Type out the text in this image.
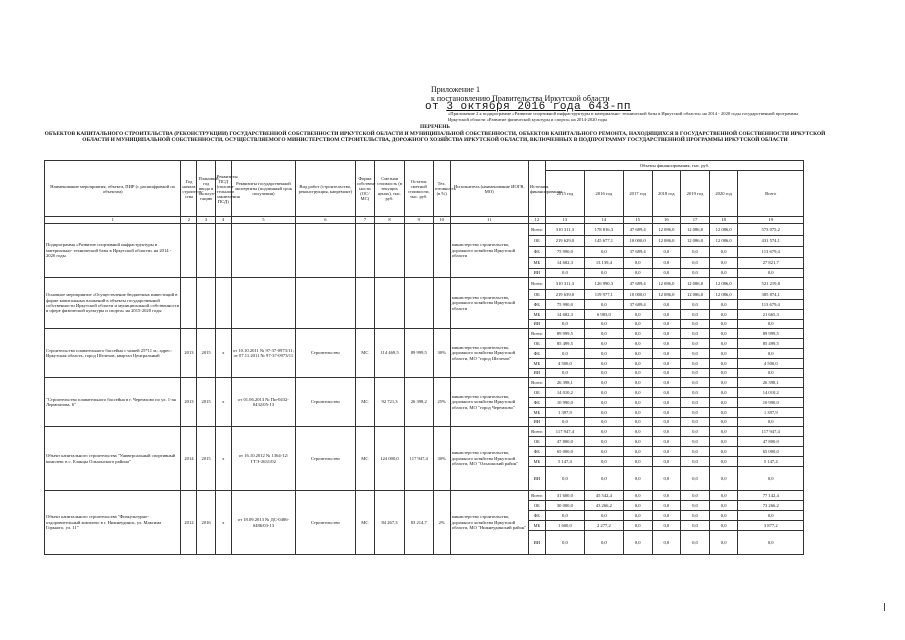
Приложение 1
к постановлению Правительства Иркутской области
от 3 октября 2016 года 643-пп
«Приложение 2 к подпрограмме «Развитие спортивной инфраструктуры и материально- технической базы в Иркутской области» на 2014 - 2020 годы государственной программы Иркутской области «Развитие физической культуры и спорта» на 2014-2020 годы
ПЕРЕЧЕНЬ
ОБЪЕКТОВ КАПИТАЛЬНОГО СТРОИТЕЛЬСТВА (РЕКОНСТРУКЦИИ) ГОСУДАРСТВЕННОЙ СОБСТВЕННОСТИ ИРКУТСКОЙ ОБЛАСТИ И МУНИЦИПАЛЬНОЙ СОБСТВЕННОСТИ, ОБЪЕКТОВ КАПИТАЛЬНОГО РЕМОНТА, НАХОДЯЩИХСЯ В ГОСУДАРСТВЕННОЙ СОБСТВЕННОСТИ ИРКУТСКОЙ ОБЛАСТИ И МУНИЦИПАЛЬНОЙ СОБСТВЕННОСТИ, ОСУЩЕСТВЛЯЕМОГО МИНИСТЕРСТВОМ СТРОИТЕЛЬСТВА, ДОРОЖНОГО ХОЗЯЙСТВА ИРКУТСКОЙ ОБЛАСТИ, ВКЛЮЧЕННЫХ В ПОДПРОГРАММУ ГОСУДАРСТВЕННОЙ ПРОГРАММЫ ИРКУТСКОЙ ОБЛАСТИ
Наименование мероприятия, объекта, ПИР (с расшифровкой по объектам)	Год начала строитель-ства	Плановый год ввода в эксплуа-тацию	Реквизиты ПСД (положи-тельного заключения ПСД)	Реквизиты государственной экспертизы (подлинный срок получения)	Вид работ (строительство, реконструкция, капремонт)	Форма собствен-ности (ОС/МС)	Сметная стоимость (в текущих ценах), тыс. руб.	Остаток сметной стоимости, тыс. руб.	Тех. готовность (в %)	Исполнитель (наименование ИОГВ, МО)	Источник финансирования	Объемы финансирования, тыс. руб.						
												2015 год	2016 год	2017 год	2018 год	2019 год	2020 год	Всего
1	2	3	4	5	6	7	8	9	10	11	12	13	14	15	16	17	18	19
Подпрограмма «Развитие спортивной инфраструктуры и материально- технической базы в Иркутской области» на 2014 - 2020 годы										министерство строительства, дорожного хозяйства Иркутской области	Всего	310 311,3	178 816,3	47 689,4	12 086,0	12 086,0	12 086,0	573 075,2
											ОБ	219 629,0	145 677,1	10 000,0	12 086,0	12 086,0	12 086,0	431 574,1
											ФБ	75 990,0	0,0	37 689,4	0,0	0,0	0,0	113 679,4
											МБ	14 682,3	13 139,4	0,0	0,0	0,0	0,0	27 821,7
											ИИ	0,0	0,0	0,0	0,0	0,0	0,0	0,0
Основное мероприятие «Осуществление бюджетных инвестиций в форме капитальных вложений в объекты государственной собственности Иркутской области и муниципальной собственности в сфере физической культуры и спорта» на 2015-2020 годы										министерство строительства, дорожного хозяйства Иркутской области	Всего	310 311,3	126 990,3	47 689,4	12 086,0	12 086,0	12 086,0	521 219,8
											ОБ	219 639,0	119 977,1	10 000,0	12 086,0	12 086,0	12 086,0	385 874,1
											ФБ	75 990,0	0,0	37 689,4	0,0	0,0	0,0	113 679,4
											МБ	14 682,3	6 983,0	0,0	0,0	0,0	0,0	21 665,3
											ИИ	0,0	0,0	0,0	0,0	0,0	0,0	0,0
Строительство плавательного бассейна с чашей 25*11 м., адрес: Иркутская область, город Шелехов, квартал Центральный	2013	2015	х	от 10.10.2011 № 97-37-0973/11; от 07.11.2011 № 97-37-0973/11	Строительство	МС	114 469,5	89 999,5	30%	министерство строительства, дорожного хозяйства Иркутской области, МО "город Шелехов"	Всего	89 999,5	0,0	0,0	0,0	0,0	0,0	89 999,5
											ОБ	85 499,5	0,0	0,0	0,0	0,0	0,0	85 499,5
											ФБ	0,0	0,0	0,0	0,0	0,0	0,0	0,0
											МБ	4 500,0	0,0	0,0	0,0	0,0	0,0	4 500,0
											ИИ	0,0	0,0	0,0	0,0	0,0	0,0	0,0
"Строительство плавательного бассейна в г. Черемхово по ул. 1-ая Лермонтова, 6"	2013	2015	х	от 01.06.2013 № Пи-0432-0432/05-13	Строительство	МС	92 721,3	26 398,2	25%	министерство строительства, дорожного хозяйства Иркутской области, МО "город Черемхово"	Всего	26 398,1	0,0	0,0	0,0	0,0	0,0	26 398,1
											ОБ	14 010,2	0,0	0,0	0,0	0,0	0,0	14 010,2
											ФБ	10 990,0	0,0	0,0	0,0	0,0	0,0	10 990,0
											МБ	1 397,9	0,0	0,0	0,0	0,0	0,0	1 397,9
											ИИ	0,0	0,0	0,0	0,0	0,0	0,0	0,0
Объект капитального строительства "Универсальный спортивный комплекс в с. Еланцы Ольхонского района"	2014	2015	х	от 16.10.2012 № 1364-12/ГГЭ-2631/02	Строительство	МС	124 000,0	117 947,4	30%	министерство строительства, дорожного хозяйства Иркутской области, МО "Ольхонский район"	Всего	117 947,4	0,0	0,0	0,0	0,0	0,0	117 947,4
											ОБ	47 800,0	0,0	0,0	0,0	0,0	0,0	47 800,0
											ФБ	65 000,0	0,0	0,0	0,0	0,0	0,0	65 000,0
											МБ	5 147,4	0,0	0,0	0,0	0,0	0,0	5 147,4
											ИИ	0,0	0,0	0,0	0,0	0,0	0,0	0,0
Объект капитального строительства "Физкультурно-оздоровительный комплекс в г. Нижнеудинск, ул. Максима Горького, ул. 11"	2012	2016	х	от 18.09.2013 № ДС-0486-0486/03-13	Строительство	МС	84 267,3	83 214,7	2%	министерство строительства, дорожного хозяйства Иркутской области, МО "Нижнеудинский район"	Всего	31 600,0	45 542,4	0,0	0,0	0,0	0,0	77 142,4
											ОБ	30 000,0	43 266,2	0,0	0,0	0,0	0,0	73 266,2
											ФБ	0,0	0,0	0,0	0,0	0,0	0,0	0,0
											МБ	1 600,0	2 277,2	0,0	0,0	0,0	0,0	3 877,2
											ИИ	0,0	0,0	0,0	0,0	0,0	0,0	0,0
